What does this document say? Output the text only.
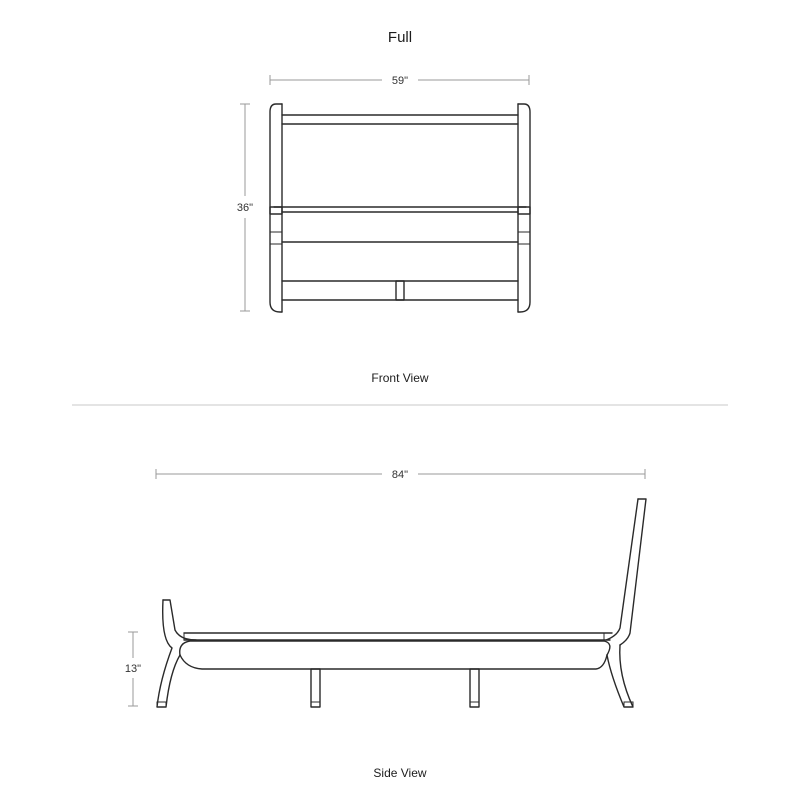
Full
59"
36"
Front View
84"
13"
Side View
